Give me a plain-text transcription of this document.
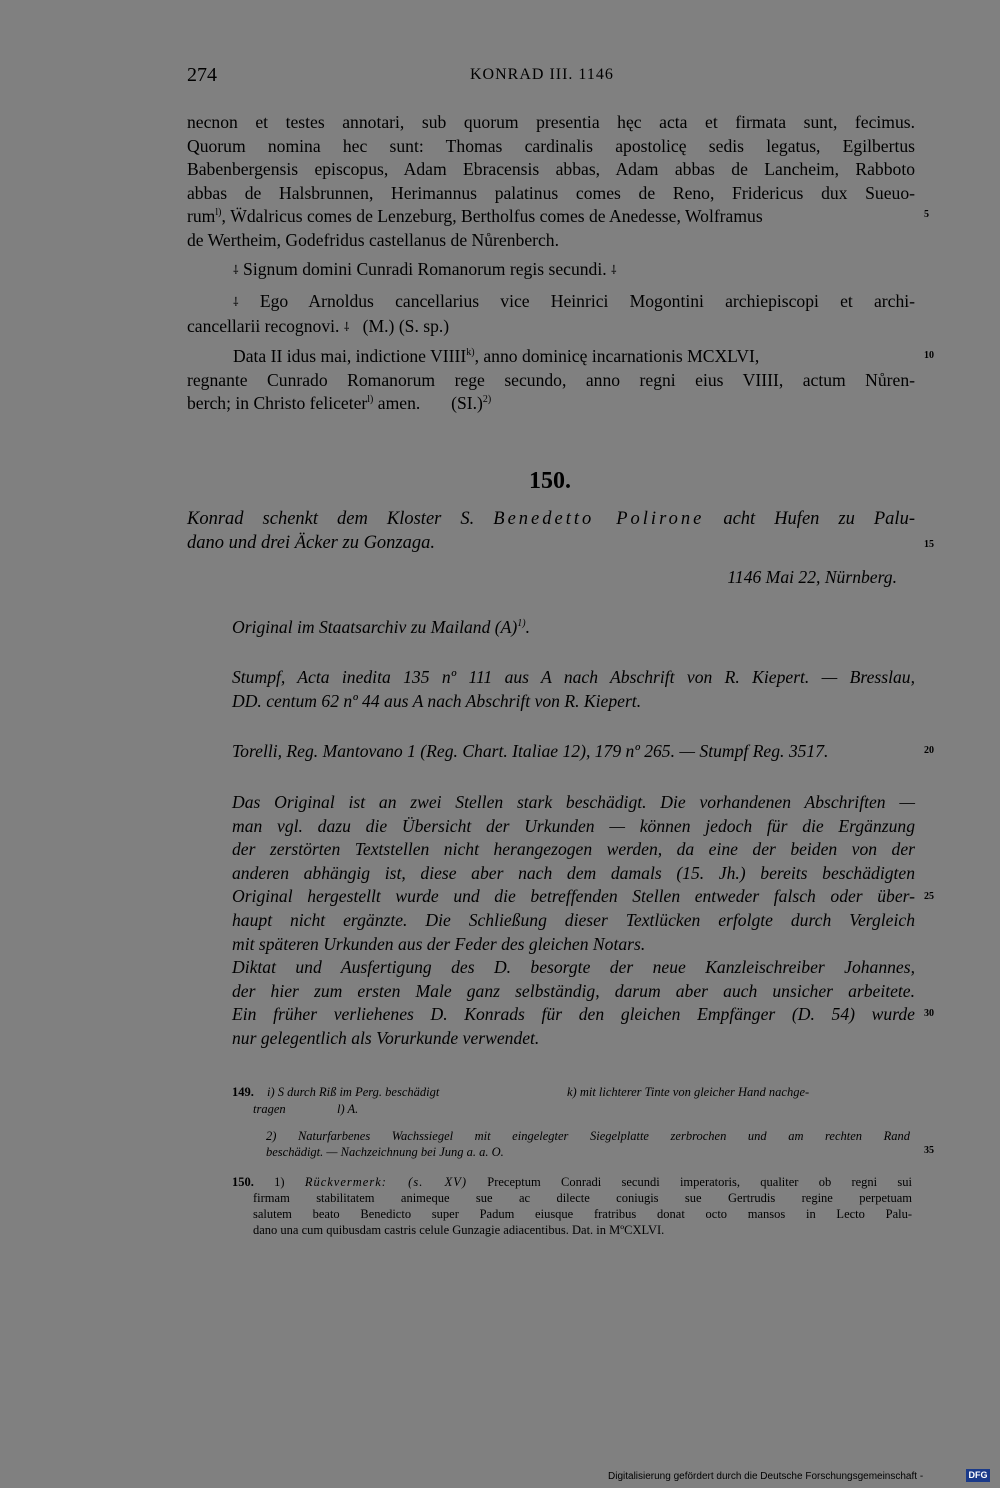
274	KONRAD III. 1146
necnon et testes annotari, sub quorum presentia hęc acta et firmata sunt, fecimus.
Quorum nomina hec sunt: Thomas cardinalis apostolicę sedis legatus, Egilbertus
Babenbergensis episcopus, Adam Ebracensis abbas, Adam abbas de Lancheim, Rabboto
abbas de Halsbrunnen, Herimannus palatinus comes de Reno, Fridericus dux Sueuo-
rum$^{l)}$, Ẅdalricus comes de Lenzeburg, Bertholfus comes de Anedesse, Wolframus
de Wertheim, Godefridus castellanus de Nůrenberch.
⸸ Signum domini Cunradi Romanorum regis secundi. ⸸
⸸ Ego Arnoldus cancellarius vice Heinrici Mogontini archiepiscopi et archi-
cancellarii recognovi. ⸸ (M.) (S. sp.)
Data II idus mai, indictione VIIII$^{k)}$, anno dominicę incarnationis MCXLVI,
regnante Cunrado Romanorum rege secundo, anno regni eius VIIII, actum Nůren-
berch; in Christo feliceter$^{l)}$ amen. $(SI.)^{2)}$
5
10
15
20
25
30
35
150.
Konrad schenkt dem Kloster S. Benedetto Polirone acht Hufen zu Palu-
dano und drei Äcker zu Gonzaga.
1146 Mai 22, Nürnberg.
Original im Staatsarchiv zu Mailand $(A)^{1)}$.
Stumpf, Acta inedita 135 nº 111 aus A nach Abschrift von R. Kiepert. — Bresslau,
DD. centum 62 nº 44 aus A nach Abschrift von R. Kiepert.
Torelli, Reg. Mantovano 1 (Reg. Chart. Italiae 12), 179 nº 265. — Stumpf Reg. 3517.
Das Original ist an zwei Stellen stark beschädigt. Die vorhandenen Abschriften —
man vgl. dazu die Übersicht der Urkunden — können jedoch für die Ergänzung
der zerstörten Textstellen nicht herangezogen werden, da eine der beiden von der
anderen abhängig ist, diese aber nach dem damals (15. Jh.) bereits beschädigten
Original hergestellt wurde und die betreffenden Stellen entweder falsch oder über-
haupt nicht ergänzte. Die Schließung dieser Textlücken erfolgte durch Vergleich
mit späteren Urkunden aus der Feder des gleichen Notars.
Diktat und Ausfertigung des D. besorgte der neue Kanzleischreiber Johannes,
der hier zum ersten Male ganz selbständig, darum aber auch unsicher arbeitete.
Ein früher verliehenes D. Konrads für den gleichen Empfänger (D. 54) wurde
nur gelegentlich als Vorurkunde verwendet.
149. i) S durch Riß im Perg. beschädigt	k) mit lichterer Tinte von gleicher Hand nachge-
tragen	l) A.
2) Naturfarbenes Wachssiegel mit eingelegter Siegelplatte zerbrochen und am rechten Rand
beschädigt. — Nachzeichnung bei Jung a. a. O.
150. 1) Rückvermerk: (s. XV) Preceptum Conradi secundi imperatoris, qualiter ob regni sui
firmam stabilitatem animeque sue ac dilecte coniugis sue Gertrudis regine perpetuam
salutem beato Benedicto super Padum eiusque fratribus donat octo mansos in Lecto Palu-
dano una cum quibusdam castris celule Gunzagie adiacentibus. Dat. in MºCXLVI.
Digitalisierung gefördert durch die Deutsche Forschungsgemeinschaft -	DFG
